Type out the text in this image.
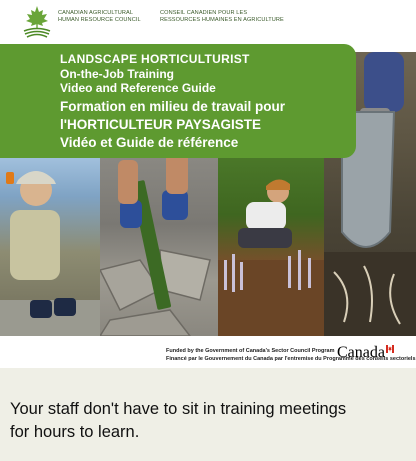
CANADIAN AGRICULTURAL
HUMAN RESOURCE COUNCIL
CONSEIL CANADIEN POUR LES
RESSOURCES HUMAINES EN AGRICULTURE
LANDSCAPE HORTICULTURIST
On-the-Job Training
Video and Reference Guide
Formation en milieu de travail pour
l'HORTICULTEUR PAYSAGISTE
Vidéo et Guide de référence
Funded by the Government of Canada's Sector Council Program
Financé par le Gouvernement du Canada par l'entremise du Programme des conseils sectoriels
Canada
Your staff don't have to sit in training meetings
for hours to learn.
